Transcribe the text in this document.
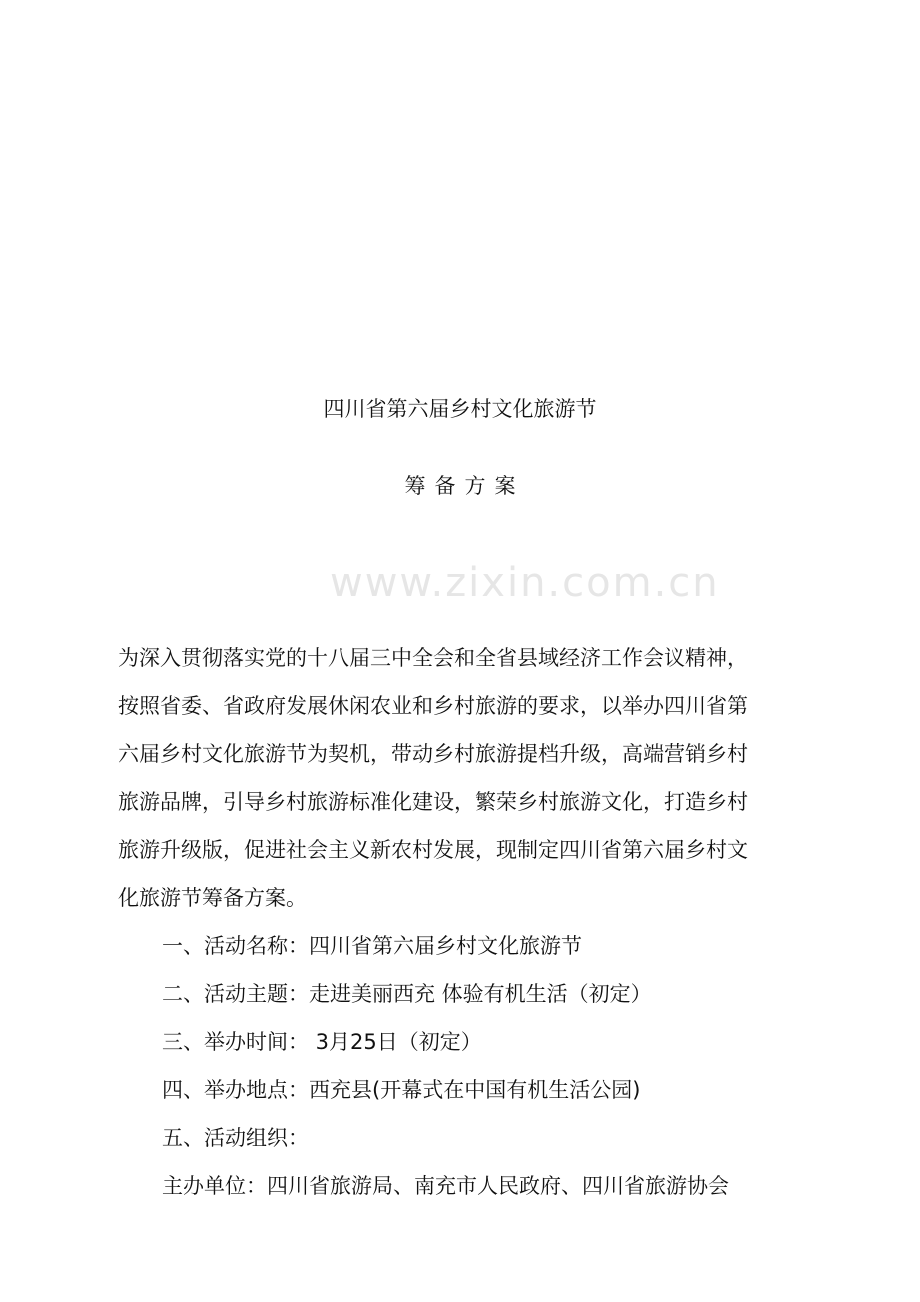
www.zixin.com.cn
四川省第六届乡村文化旅游节
筹备方案

为深入贯彻落实党的十八届三中全会和全省县域经济工作会议精神，

按照省委、省政府发展休闲农业和乡村旅游的要求，以举办四川省第

六届乡村文化旅游节为契机，带动乡村旅游提档升级，高端营销乡村

旅游品牌，引导乡村旅游标准化建设，繁荣乡村旅游文化，打造乡村

旅游升级版，促进社会主义新农村发展，现制定四川省第六届乡村文

化旅游节筹备方案。

一、活动名称：四川省第六届乡村文化旅游节

二、活动主题：走进美丽西充 体验有机生活（初定）

三、举办时间： 3月25日（初定）

四、举办地点：西充县(开幕式在中国有机生活公园)

五、活动组织：

主办单位：四川省旅游局、南充市人民政府、四川省旅游协会
